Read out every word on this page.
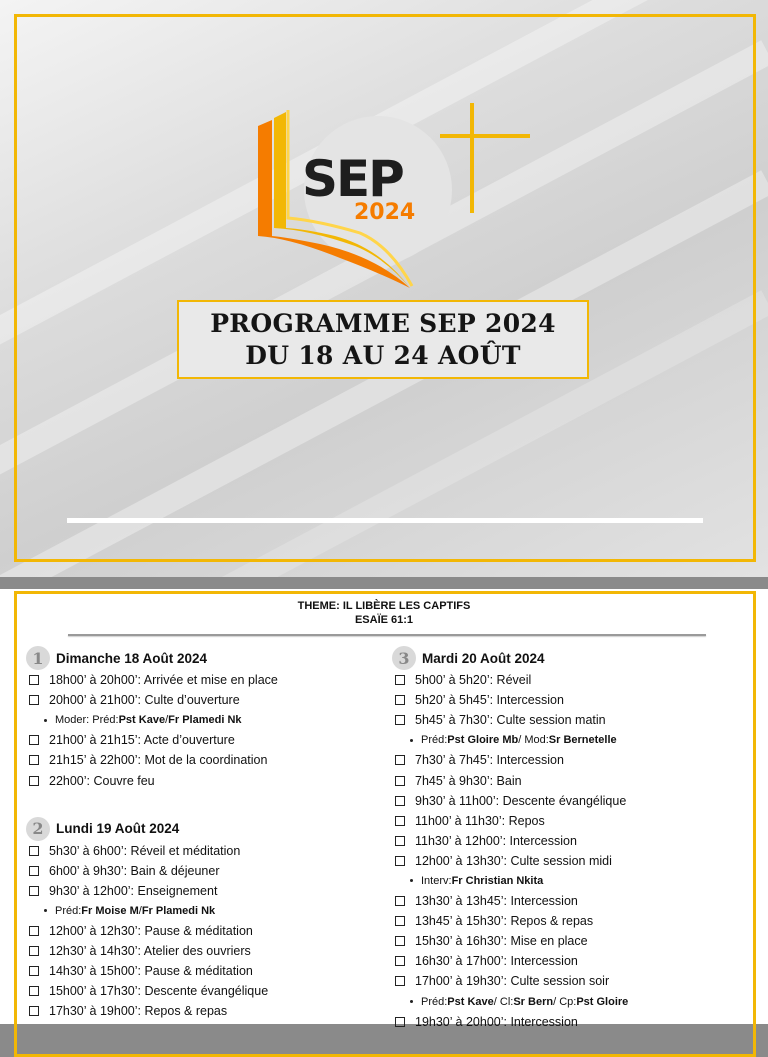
SEP
2024
PROGRAMME SEP 2024
DU 18 AU 24 AOÛT
THEME: IL LIBÈRE LES CAPTIFS
ESAÏE 61:1
1 Dimanche 18 Août 2024
18h00’ à 20h00’: Arrivée et mise en place
20h00’ à 21h00’: Culte d’ouverture
Moder: Préd: Pst Kave / Fr Plamedi Nk
21h00’ à 21h15’: Acte d’ouverture
21h15’ à 22h00’: Mot de la coordination
22h00’: Couvre feu
2 Lundi 19 Août 2024
5h30’ à 6h00’: Réveil et méditation
6h00’ à 9h30’: Bain & déjeuner
9h30’ à 12h00’: Enseignement
Préd: Fr Moise M / Fr Plamedi Nk
12h00’ à 12h30’: Pause & méditation
12h30’ à 14h30’: Atelier des ouvriers
14h30’ à 15h00’: Pause & méditation
15h00’ à 17h30’: Descente évangélique
17h30’ à 19h00’: Repos & repas
3 Mardi 20 Août 2024
5h00’ à 5h20’: Réveil
5h20’ à 5h45’: Intercession
5h45’ à 7h30’: Culte session matin
Préd: Pst Gloire Mb / Mod: Sr Bernetelle
7h30’ à 7h45’: Intercession
7h45’ à 9h30’: Bain
9h30’ à 11h00’: Descente évangélique
11h00’ à 11h30’: Repos
11h30’ à 12h00’: Intercession
12h00’ à 13h30’: Culte session midi
Interv: Fr Christian Nkita
13h30’ à 13h45’: Intercession
13h45’ à 15h30’: Repos & repas
15h30’ à 16h30’: Mise en place
16h30’ à 17h00’: Intercession
17h00’ à 19h30’: Culte session soir
Préd: Pst Kave / Cl: Sr Bern / Cp: Pst Gloire
19h30’ à 20h00’: Intercession
